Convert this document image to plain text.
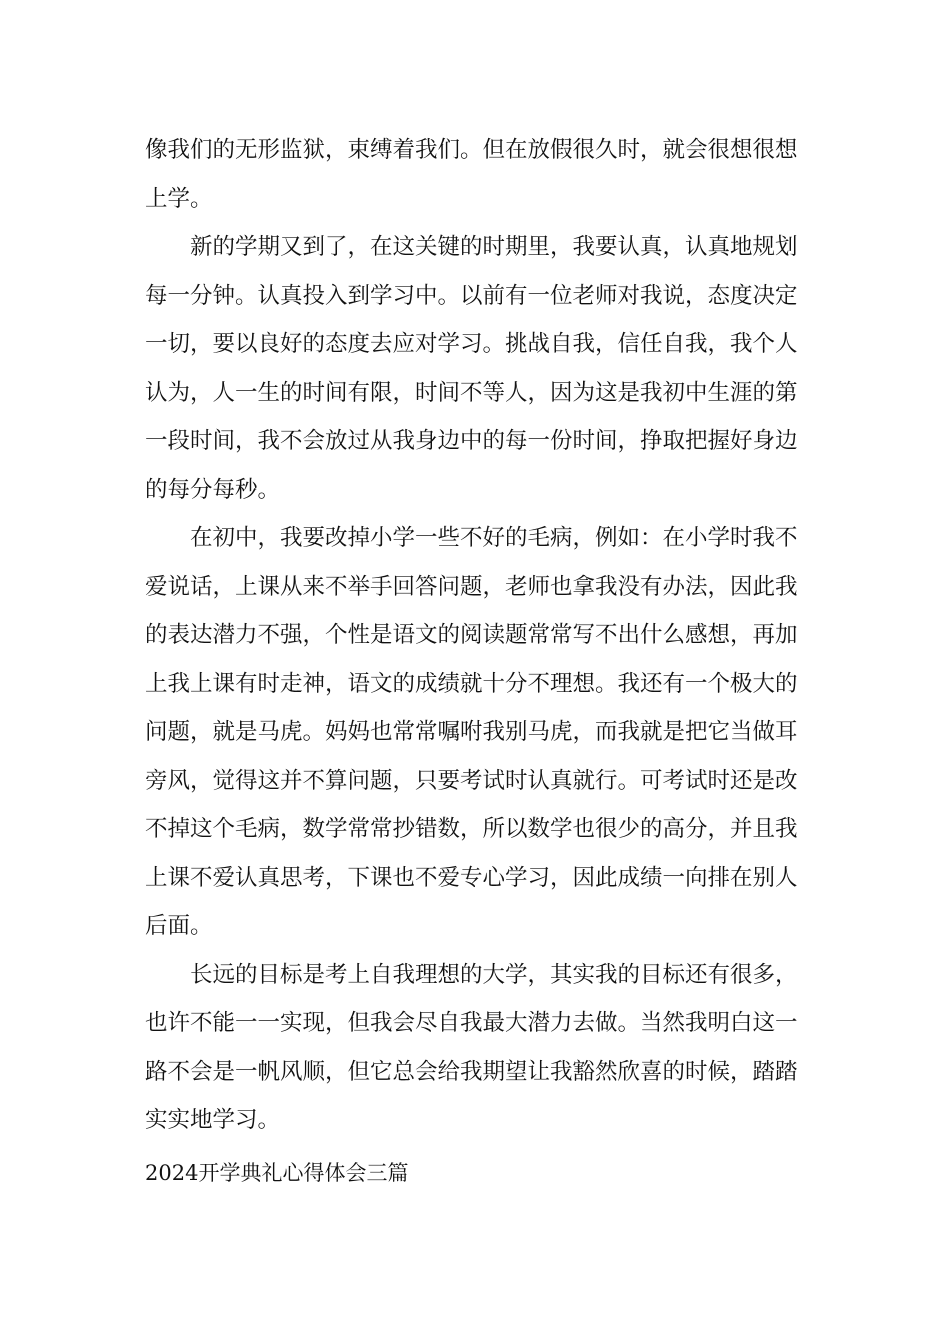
像我们的无形监狱，束缚着我们。但在放假很久时，就会很想很想
上学。
新的学期又到了，在这关键的时期里，我要认真，认真地规划
每一分钟。认真投入到学习中。以前有一位老师对我说，态度决定
一切，要以良好的态度去应对学习。挑战自我，信任自我，我个人
认为，人一生的时间有限，时间不等人，因为这是我初中生涯的第
一段时间，我不会放过从我身边中的每一份时间，挣取把握好身边
的每分每秒。
在初中，我要改掉小学一些不好的毛病，例如：在小学时我不
爱说话，上课从来不举手回答问题，老师也拿我没有办法，因此我
的表达潜力不强，个性是语文的阅读题常常写不出什么感想，再加
上我上课有时走神，语文的成绩就十分不理想。我还有一个极大的
问题，就是马虎。妈妈也常常嘱咐我别马虎，而我就是把它当做耳
旁风，觉得这并不算问题，只要考试时认真就行。可考试时还是改
不掉这个毛病，数学常常抄错数，所以数学也很少的高分，并且我
上课不爱认真思考，下课也不爱专心学习，因此成绩一向排在别人
后面。
长远的目标是考上自我理想的大学，其实我的目标还有很多，
也许不能一一实现，但我会尽自我最大潜力去做。当然我明白这一
路不会是一帆风顺，但它总会给我期望让我豁然欣喜的时候，踏踏
实实地学习。
2024开学典礼心得体会三篇
